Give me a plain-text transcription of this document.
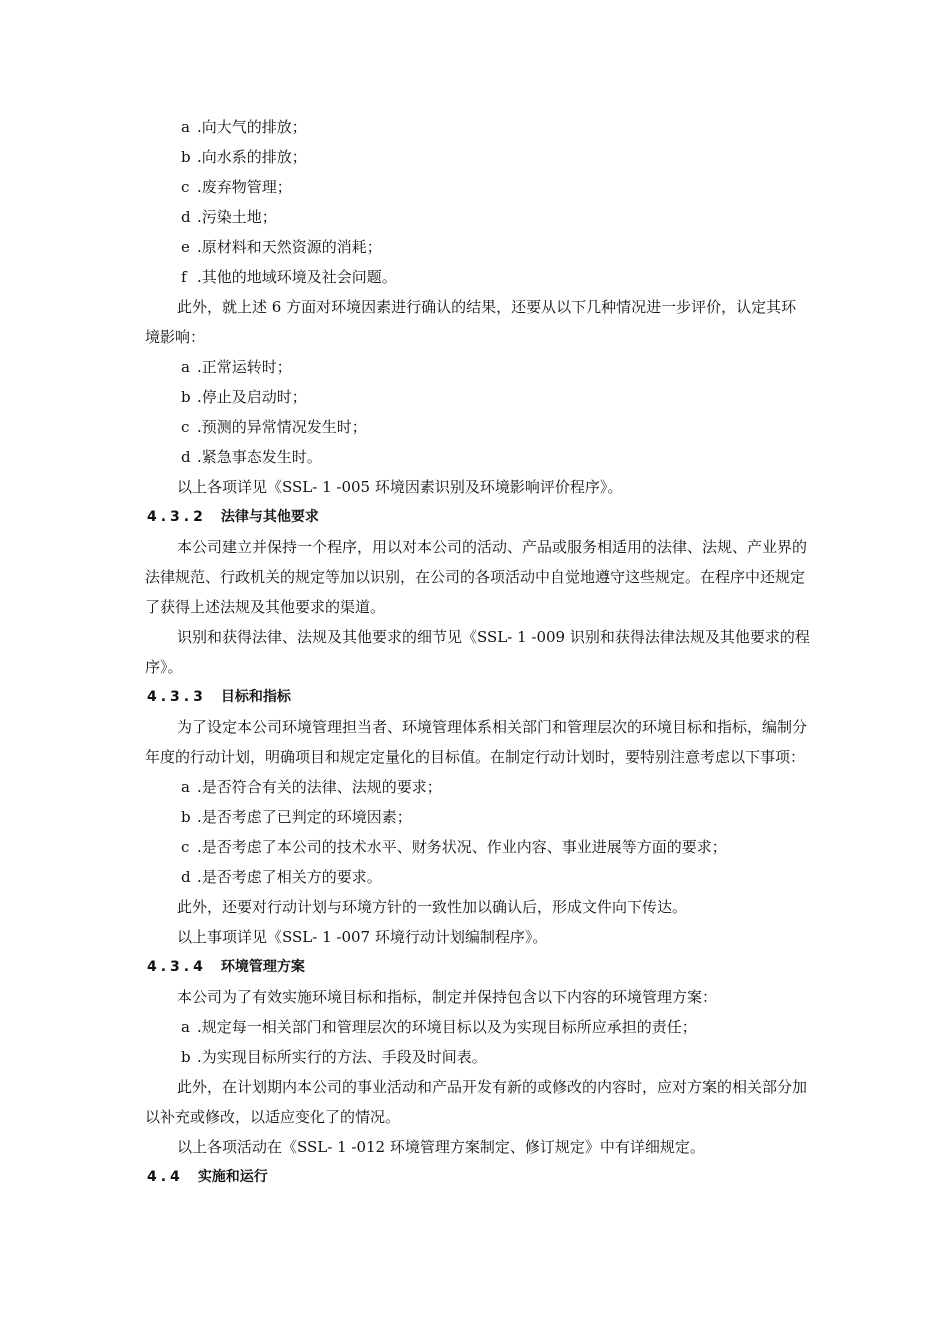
a .向大气的排放；

b .向水系的排放；

c .废弃物管理；

d .污染土地；

e .原材料和天然资源的消耗；

f .其他的地域环境及社会问题。

此外，就上述 6 方面对环境因素进行确认的结果，还要从以下几种情况进一步评价，认定其环境影响：

a .正常运转时；

b .停止及启动时；

c .预测的异常情况发生时；

d .紧急事态发生时。

以上各项详见《SSL- 1 -005 环境因素识别及环境影响评价程序》。

4.3.2 法律与其他要求

本公司建立并保持一个程序，用以对本公司的活动、产品或服务相适用的法律、法规、产业界的法律规范、行政机关的规定等加以识别，在公司的各项活动中自觉地遵守这些规定。在程序中还规定了获得上述法规及其他要求的渠道。

识别和获得法律、法规及其他要求的细节见《SSL- 1 -009 识别和获得法律法规及其他要求的程序》。

4.3.3 目标和指标

为了设定本公司环境管理担当者、环境管理体系相关部门和管理层次的环境目标和指标，编制分年度的行动计划，明确项目和规定定量化的目标值。在制定行动计划时，要特别注意考虑以下事项：

a .是否符合有关的法律、法规的要求；

b .是否考虑了已判定的环境因素；

c .是否考虑了本公司的技术水平、财务状况、作业内容、事业进展等方面的要求；

d .是否考虑了相关方的要求。

此外，还要对行动计划与环境方针的一致性加以确认后，形成文件向下传达。

以上事项详见《SSL- 1 -007 环境行动计划编制程序》。

4.3.4 环境管理方案

本公司为了有效实施环境目标和指标，制定并保持包含以下内容的环境管理方案：

a .规定每一相关部门和管理层次的环境目标以及为实现目标所应承担的责任；

b .为实现目标所实行的方法、手段及时间表。

此外，在计划期内本公司的事业活动和产品开发有新的或修改的内容时，应对方案的相关部分加以补充或修改，以适应变化了的情况。

以上各项活动在《SSL- 1 -012 环境管理方案制定、修订规定》中有详细规定。

4.4 实施和运行
